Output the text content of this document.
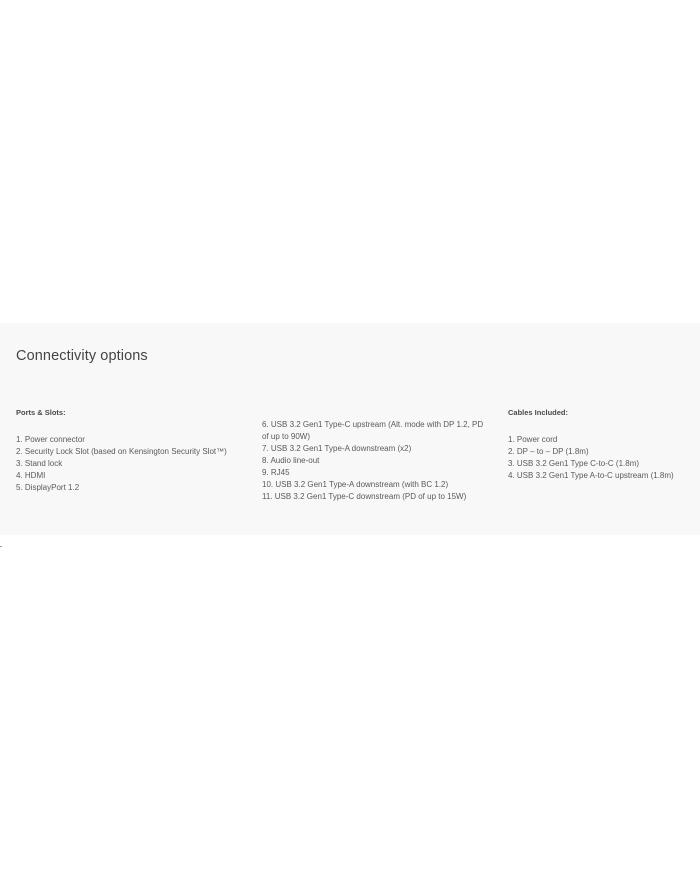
Connectivity options
Ports & Slots:
1. Power connector
2. Security Lock Slot (based on Kensington Security Slot™)
3. Stand lock
4. HDMI
5. DisplayPort 1.2
6. USB 3.2 Gen1 Type-C upstream (Alt. mode with DP 1.2, PD of up to 90W)
7. USB 3.2 Gen1 Type-A downstream (x2)
8. Audio line-out
9. RJ45
10. USB 3.2 Gen1 Type-A downstream (with BC 1.2)
11. USB 3.2 Gen1 Type-C downstream (PD of up to 15W)
Cables Included:
1. Power cord
2. DP – to – DP (1.8m)
3. USB 3.2 Gen1 Type C-to-C (1.8m)
4. USB 3.2 Gen1 Type A-to-C upstream (1.8m)
